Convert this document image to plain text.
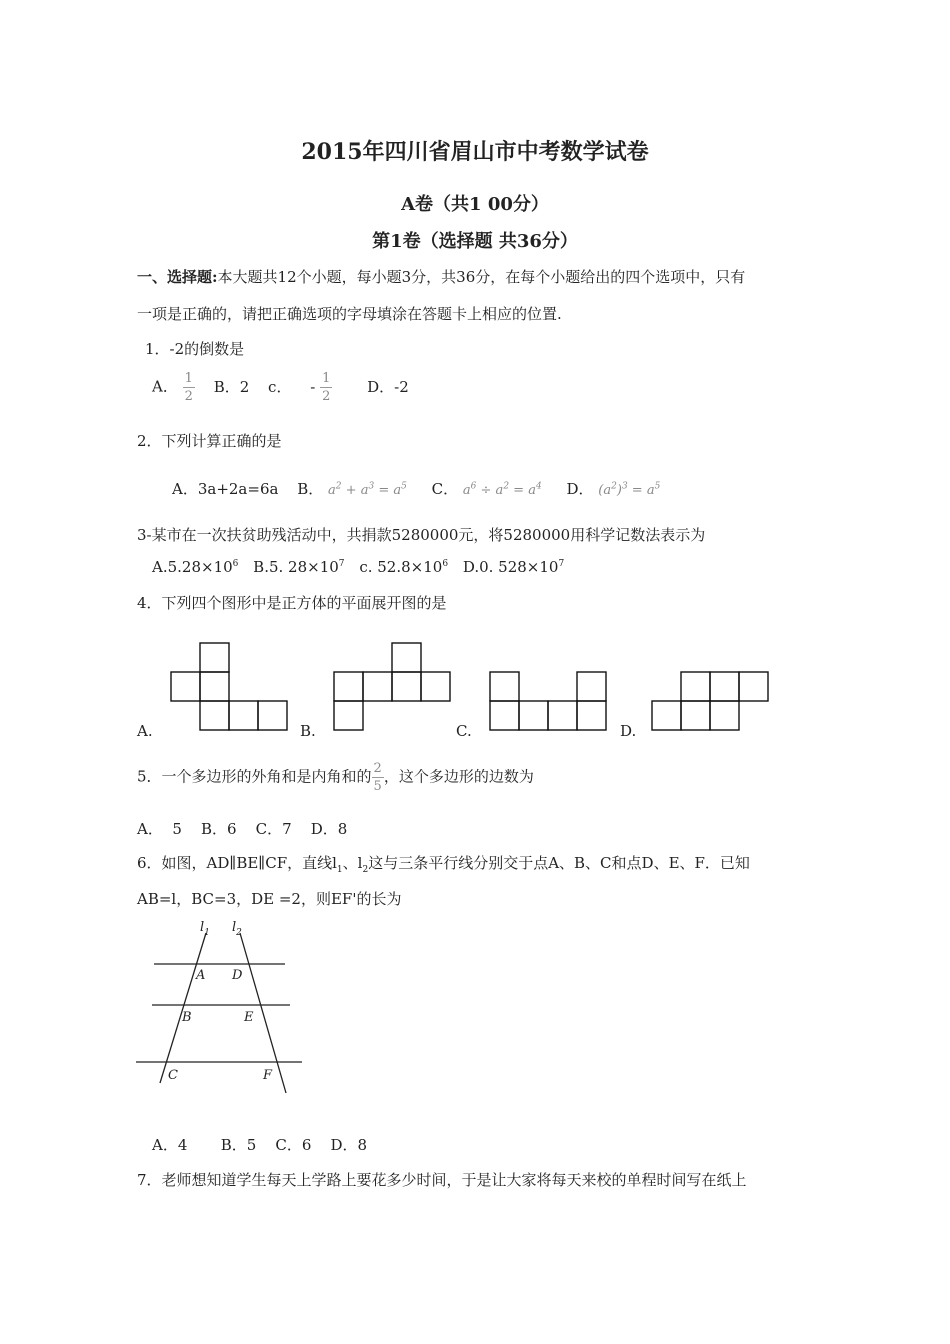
2015年四川省眉山市中考数学试卷
A卷（共1 00分）
第1卷（选择题 共36分）
一、选择题:本大题共12个小题，每小题3分，共36分，在每个小题给出的四个选项中，只有
一项是正确的，请把正确选项的字母填涂在答题卡上相应的位置.
1．-2的倒数是
A． $\frac{1}{2}$ B．2 c． - $\frac{1}{2}$ D．-2
2．下列计算正确的是
A．3a+2a=6a B． $a^2 + a^3 = a^5$ C． $a^6 \div a^2 = a^4$ D． $(a^2)^3 = a^5$
3-某市在一次扶贫助残活动中，共捐款5280000元，将5280000用科学记数法表示为
$A.5.28\times 10^6$ B.5. $28\times 10^7$ c. $52.8\times 10^6$ D.0. $528\times 10^7$
4．下列四个图形中是正方体的平面展开图的是
A.	B.	C.	D.
5．一个多边形的外角和是内角和的 $\frac{2}{5}$ ，这个多边形的边数为
A．  5    B．6    C．7    D．8
6．如图，AD∥BE∥CF，直线$l_1$、$l_2$这与三条平行线分别交于点A、B、C和点D、E、F．已知
AB=l，BC=3，DE =2，则EF'的长为
$l_1$ $l_2$
A D
B	E
C	F
A．4       B．5    C．6    D．8
7．老师想知道学生每天上学路上要花多少时间，于是让大家将每天来校的单程时间写在纸上
